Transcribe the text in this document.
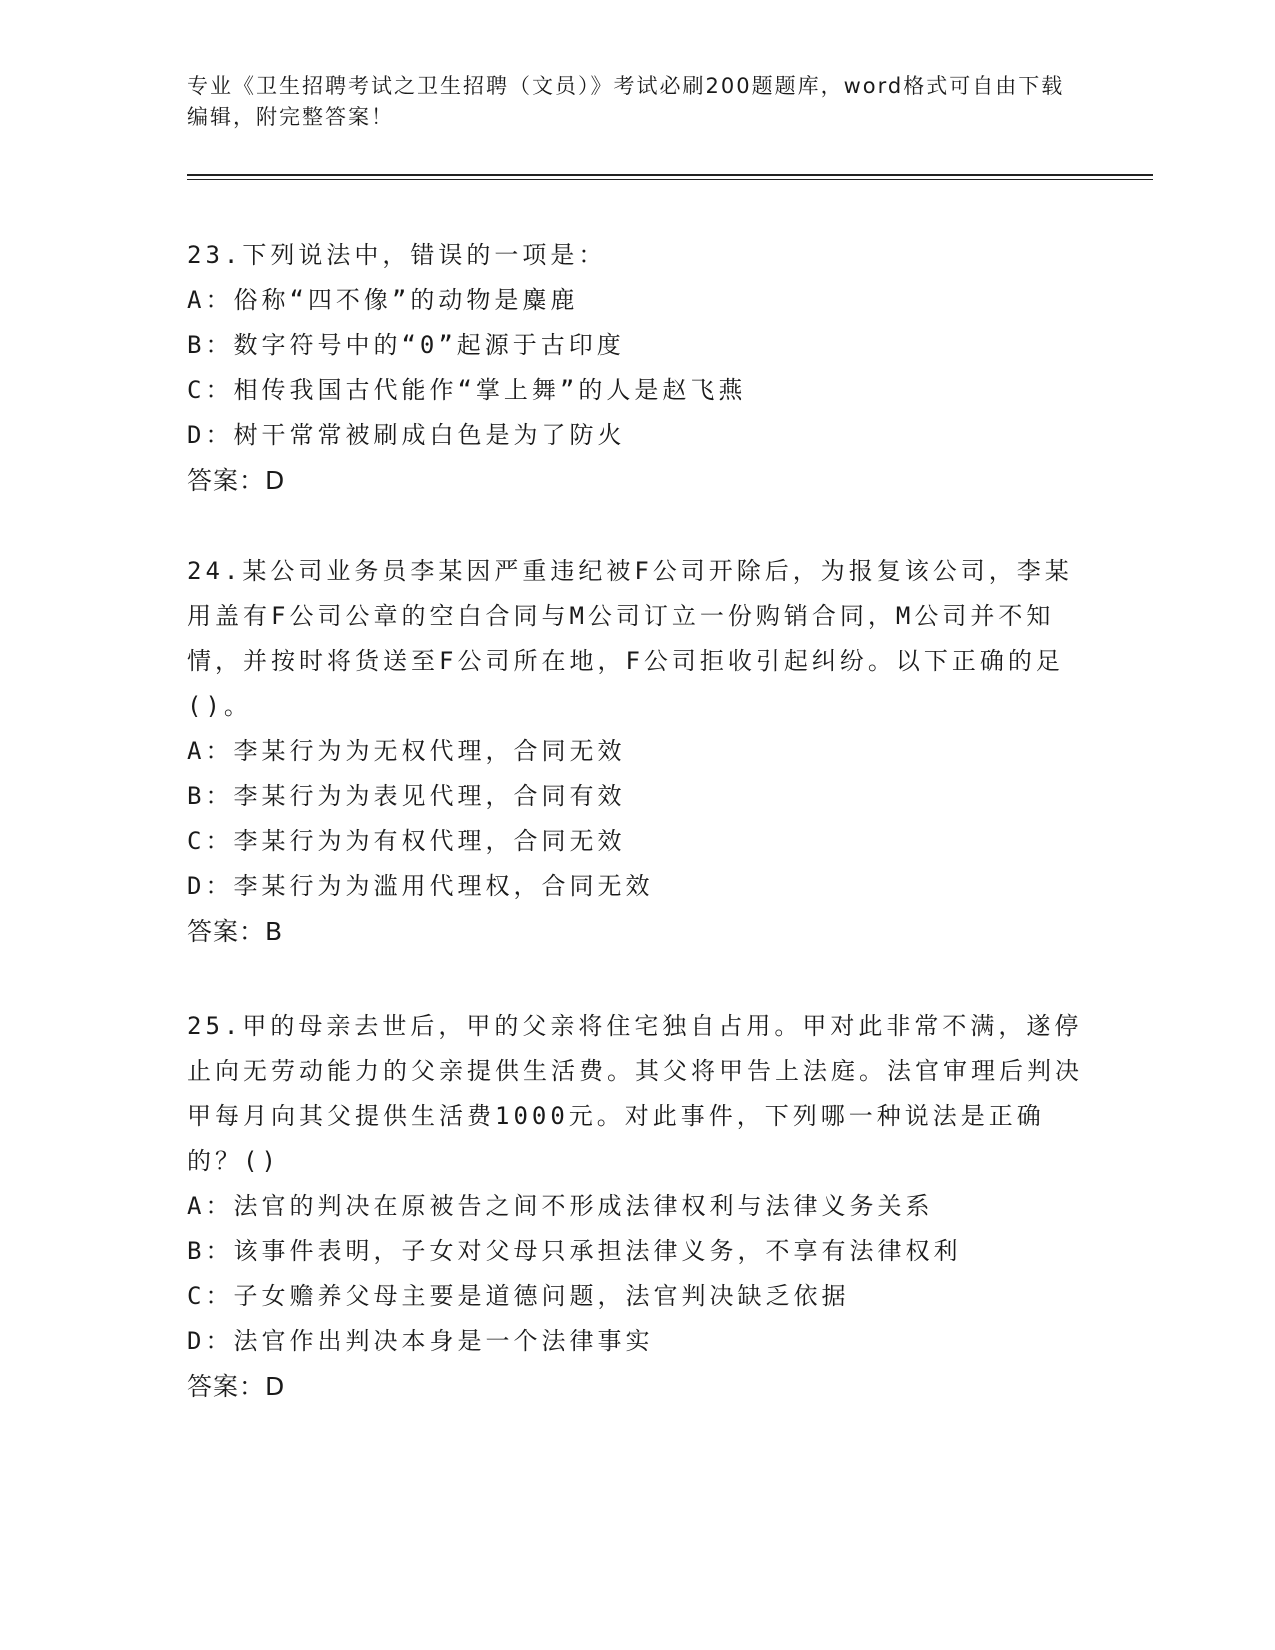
专业《卫生招聘考试之卫生招聘（文员）》考试必刷200题题库，word格式可自由下载编辑，附完整答案！

23.下列说法中，错误的一项是：

A：俗称“四不像”的动物是麋鹿
B：数字符号中的“0”起源于古印度
C：相传我国古代能作“掌上舞”的人是赵飞燕
D：树干常常被刷成白色是为了防火
答案：D

24.某公司业务员李某因严重违纪被F公司开除后，为报复该公司，李某用盖有F公司公章的空白合同与M公司订立一份购销合同，M公司并不知情，并按时将货送至F公司所在地，F公司拒收引起纠纷。以下正确的足()。

A：李某行为为无权代理，合同无效
B：李某行为为表见代理，合同有效
C：李某行为为有权代理，合同无效
D：李某行为为滥用代理权，合同无效
答案：B

25.甲的母亲去世后，甲的父亲将住宅独自占用。甲对此非常不满，遂停止向无劳动能力的父亲提供生活费。其父将甲告上法庭。法官审理后判决甲每月向其父提供生活费1000元。对此事件，下列哪一种说法是正确的？()

A：法官的判决在原被告之间不形成法律权利与法律义务关系
B：该事件表明，子女对父母只承担法律义务，不享有法律权利
C：子女赡养父母主要是道德问题，法官判决缺乏依据
D：法官作出判决本身是一个法律事实
答案：D
